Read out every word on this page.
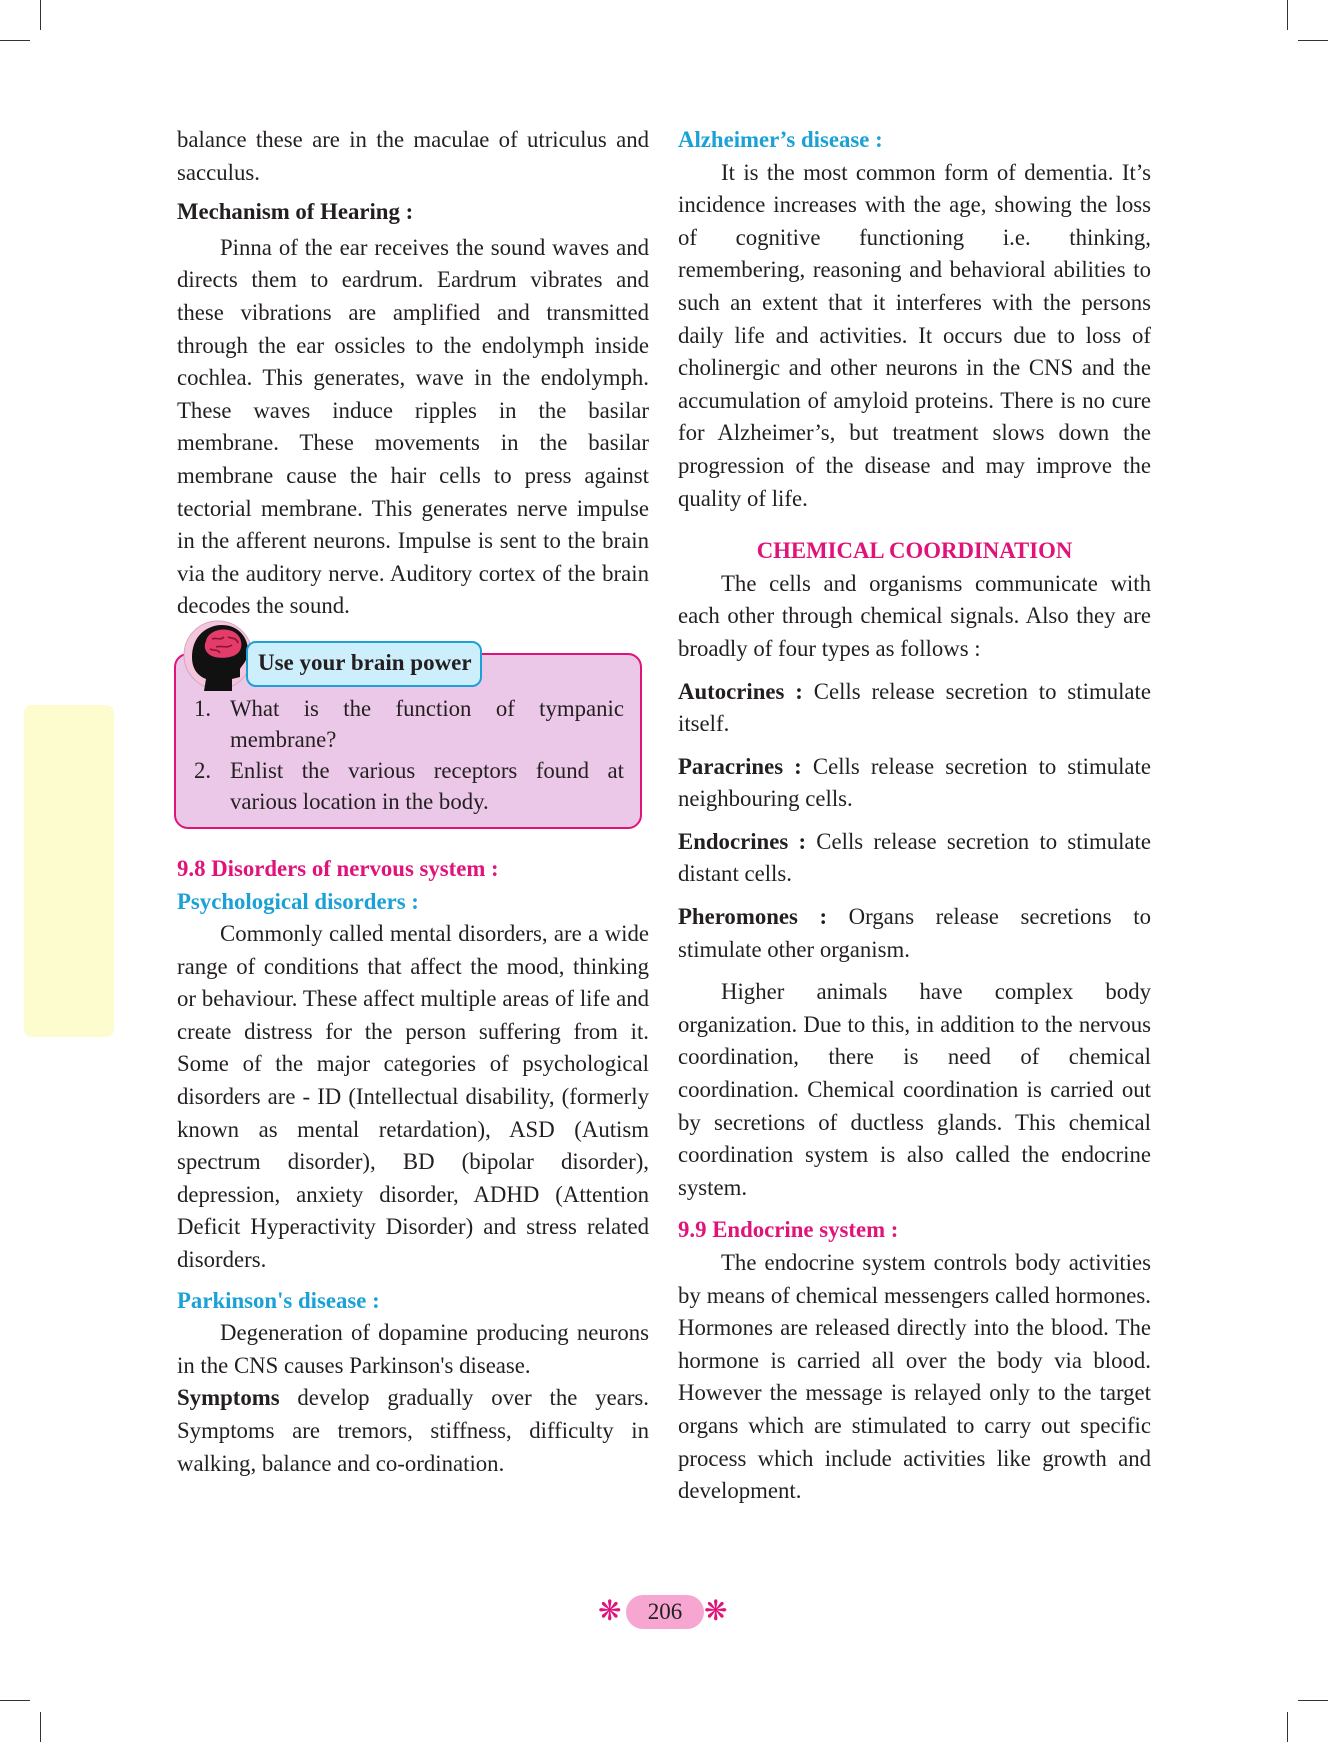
balance these are in the maculae of utriculus and sacculus.

Mechanism of Hearing :

Pinna of the ear receives the sound waves and directs them to eardrum. Eardrum vibrates and these vibrations are amplified and transmitted through the ear ossicles to the endolymph inside cochlea. This generates, wave in the endolymph. These waves induce ripples in the basilar membrane. These movements in the basilar membrane cause the hair cells to press against tectorial membrane. This generates nerve impulse in the afferent neurons. Impulse is sent to the brain via the auditory nerve. Auditory cortex of the brain decodes the sound.

Use your brain power
1. What is the function of tympanic membrane?
2. Enlist the various receptors found at various location in the body.

9.8 Disorders of nervous system :

Psychological disorders :

Commonly called mental disorders, are a wide range of conditions that affect the mood, thinking or behaviour. These affect multiple areas of life and create distress for the person suffering from it. Some of the major categories of psychological disorders are - ID (Intellectual disability, (formerly known as mental retardation), ASD (Autism spectrum disorder), BD (bipolar disorder), depression, anxiety disorder, ADHD (Attention Deficit Hyperactivity Disorder) and stress related disorders.

Parkinson's disease :

Degeneration of dopamine producing neurons in the CNS causes Parkinson's disease.

Symptoms develop gradually over the years. Symptoms are tremors, stiffness, difficulty in walking, balance and co-ordination.

Alzheimer’s disease :

It is the most common form of dementia. It’s incidence increases with the age, showing the loss of cognitive functioning i.e. thinking, remembering, reasoning and behavioral abilities to such an extent that it interferes with the persons daily life and activities. It occurs due to loss of cholinergic and other neurons in the CNS and the accumulation of amyloid proteins. There is no cure for Alzheimer’s, but treatment slows down the progression of the disease and may improve the quality of life.

CHEMICAL COORDINATION

The cells and organisms communicate with each other through chemical signals. Also they are broadly of four types as follows :

Autocrines : Cells release secretion to stimulate itself.

Paracrines : Cells release secretion to stimulate neighbouring cells.

Endocrines : Cells release secretion to stimulate distant cells.

Pheromones : Organs release secretions to stimulate other organism.

Higher animals have complex body organization. Due to this, in addition to the nervous coordination, there is need of chemical coordination. Chemical coordination is carried out by secretions of ductless glands. This chemical coordination system is also called the endocrine system.

9.9 Endocrine system :

The endocrine system controls body activities by means of chemical messengers called hormones. Hormones are released directly into the blood. The hormone is carried all over the body via blood. However the message is relayed only to the target organs which are stimulated to carry out specific process which include activities like growth and development.

❋	206 ❋
